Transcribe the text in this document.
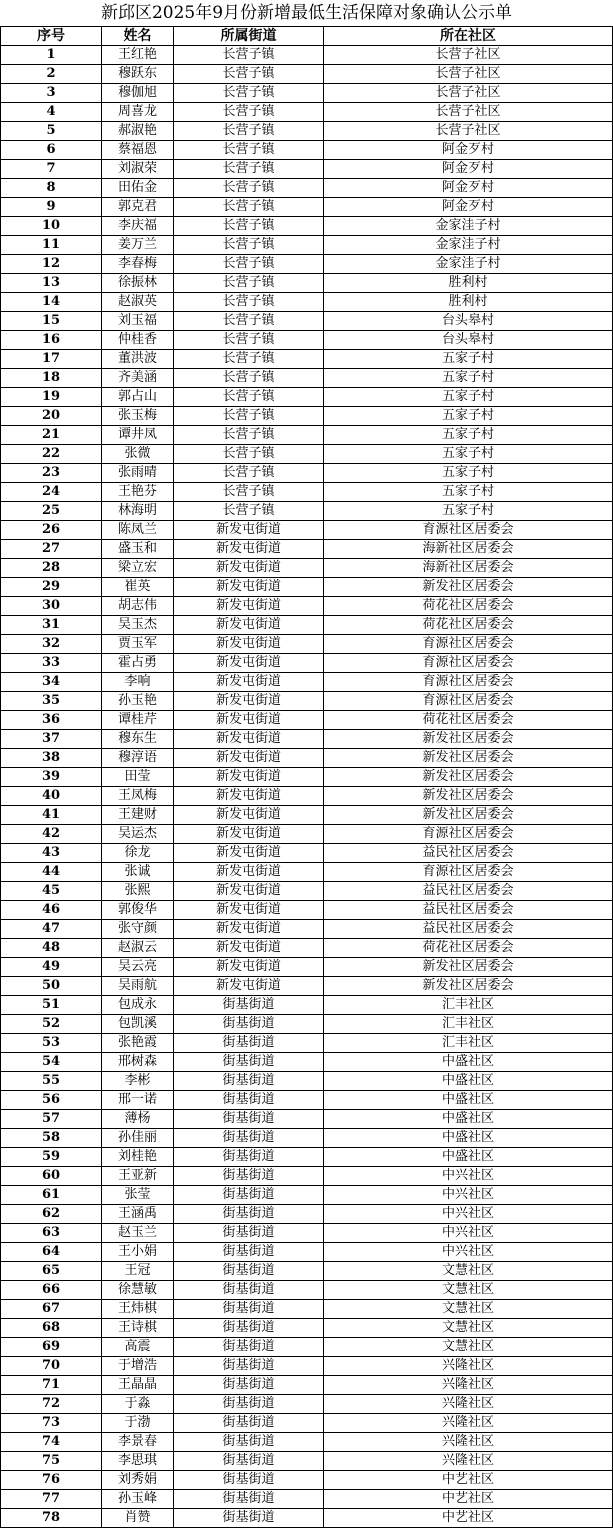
新邱区2025年9月份新增最低生活保障对象确认公示单
序号	姓名	所属街道	所在社区
1	王红艳	长营子镇	长营子社区
2	穆跃东	长营子镇	长营子社区
3	穆伽旭	长营子镇	长营子社区
4	周喜龙	长营子镇	长营子社区
5	郝淑艳	长营子镇	长营子社区
6	蔡福恩	长营子镇	阿金歹村
7	刘淑荣	长营子镇	阿金歹村
8	田佑金	长营子镇	阿金歹村
9	郭克君	长营子镇	阿金歹村
10	李庆福	长营子镇	金家洼子村
11	姜万兰	长营子镇	金家洼子村
12	李春梅	长营子镇	金家洼子村
13	徐振林	长营子镇	胜利村
14	赵淑英	长营子镇	胜利村
15	刘玉福	长营子镇	台头皋村
16	仲桂香	长营子镇	台头皋村
17	董洪波	长营子镇	五家子村
18	齐美涵	长营子镇	五家子村
19	郭占山	长营子镇	五家子村
20	张玉梅	长营子镇	五家子村
21	谭井凤	长营子镇	五家子村
22	张微	长营子镇	五家子村
23	张雨晴	长营子镇	五家子村
24	王艳芬	长营子镇	五家子村
25	林海明	长营子镇	五家子村
26	陈凤兰	新发屯街道	育源社区居委会
27	盛玉和	新发屯街道	海新社区居委会
28	梁立宏	新发屯街道	海新社区居委会
29	崔英	新发屯街道	新发社区居委会
30	胡志伟	新发屯街道	荷花社区居委会
31	吴玉杰	新发屯街道	荷花社区居委会
32	贾玉军	新发屯街道	育源社区居委会
33	霍占勇	新发屯街道	育源社区居委会
34	李响	新发屯街道	育源社区居委会
35	孙玉艳	新发屯街道	育源社区居委会
36	谭桂芹	新发屯街道	荷花社区居委会
37	穆东生	新发屯街道	新发社区居委会
38	穆淳语	新发屯街道	新发社区居委会
39	田莹	新发屯街道	新发社区居委会
40	王凤梅	新发屯街道	新发社区居委会
41	王建财	新发屯街道	新发社区居委会
42	吴运杰	新发屯街道	育源社区居委会
43	徐龙	新发屯街道	益民社区居委会
44	张诚	新发屯街道	育源社区居委会
45	张熙	新发屯街道	益民社区居委会
46	郭俊华	新发屯街道	益民社区居委会
47	张守颜	新发屯街道	益民社区居委会
48	赵淑云	新发屯街道	荷花社区居委会
49	吴云亮	新发屯街道	新发社区居委会
50	吴雨航	新发屯街道	新发社区居委会
51	包成永	街基街道	汇丰社区
52	包凯溪	街基街道	汇丰社区
53	张艳霞	街基街道	汇丰社区
54	邢树森	街基街道	中盛社区
55	李彬	街基街道	中盛社区
56	邢一诺	街基街道	中盛社区
57	薄杨	街基街道	中盛社区
58	孙佳丽	街基街道	中盛社区
59	刘桂艳	街基街道	中盛社区
60	王亚新	街基街道	中兴社区
61	张莹	街基街道	中兴社区
62	王涵禹	街基街道	中兴社区
63	赵玉兰	街基街道	中兴社区
64	王小娟	街基街道	中兴社区
65	王冠	街基街道	文慧社区
66	徐慧敏	街基街道	文慧社区
67	王炜棋	街基街道	文慧社区
68	王诗棋	街基街道	文慧社区
69	高震	街基街道	文慧社区
70	于增浩	街基街道	兴隆社区
71	王晶晶	街基街道	兴隆社区
72	于淼	街基街道	兴隆社区
73	于渤	街基街道	兴隆社区
74	李景春	街基街道	兴隆社区
75	李思琪	街基街道	兴隆社区
76	刘秀娟	街基街道	中艺社区
77	孙玉峰	街基街道	中艺社区
78	肖赞	街基街道	中艺社区
